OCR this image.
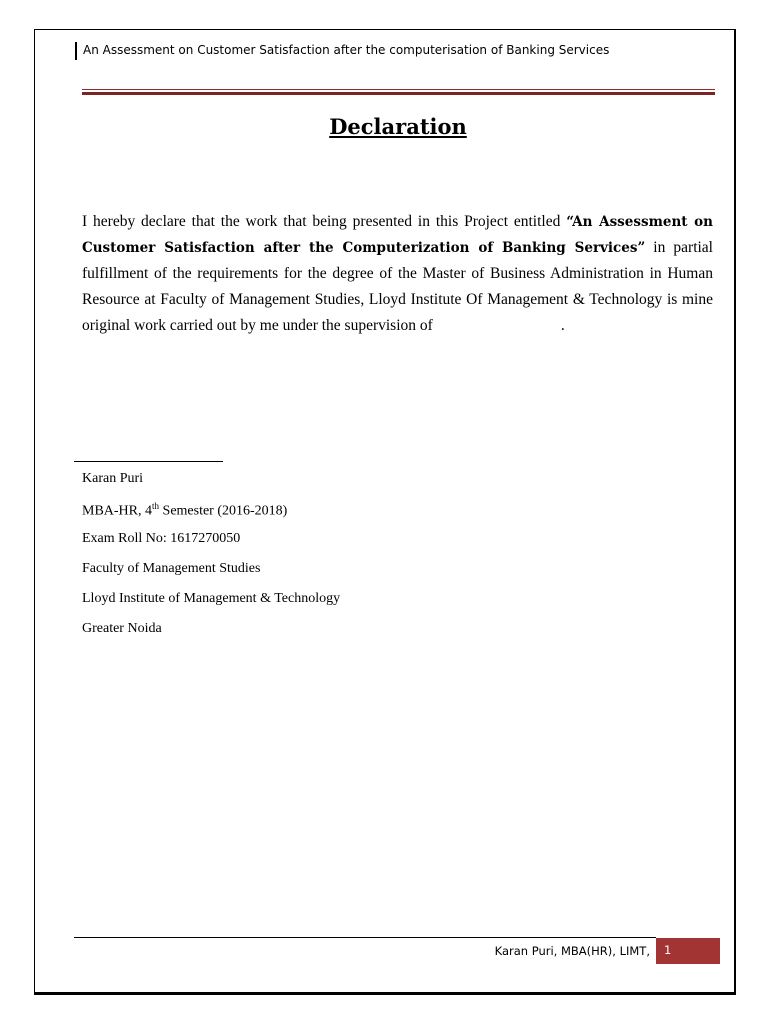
An Assessment on Customer Satisfaction after the computerisation of Banking Services
Declaration
I hereby declare that the work that being presented in this Project entitled “An Assessment on Customer Satisfaction after the Computerization of Banking Services” in partial fulfillment of the requirements for the degree of the Master of Business Administration in Human Resource at Faculty of Management Studies, Lloyd Institute Of Management & Technology is mine original work carried out by me under the supervision of	.
Karan Puri
MBA-HR, 4th Semester (2016-2018)
Exam Roll No: 1617270050
Faculty of Management Studies
Lloyd Institute of Management & Technology
Greater Noida
Karan Puri, MBA(HR), LIMT, 1
